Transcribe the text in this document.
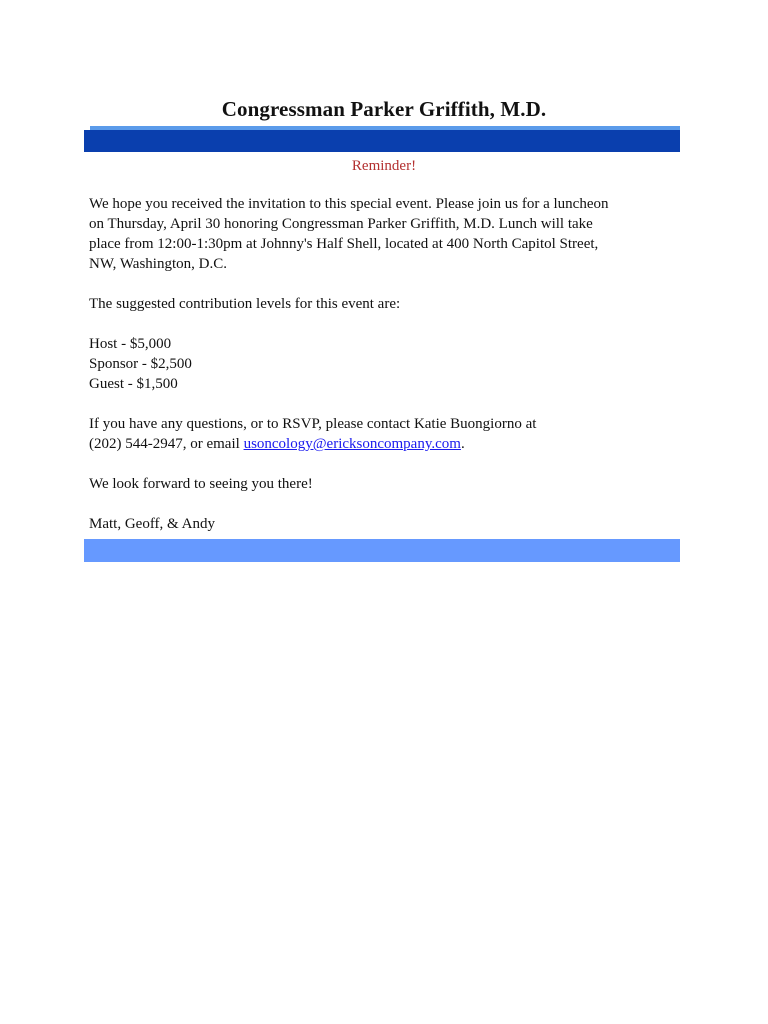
Congressman Parker Griffith, M.D.
Reminder!

We hope you received the invitation to this special event. Please join us for a luncheon
on Thursday, April 30 honoring Congressman Parker Griffith, M.D. Lunch will take
place from 12:00-1:30pm at Johnny's Half Shell, located at 400 North Capitol Street,
NW, Washington, D.C.

The suggested contribution levels for this event are:

Host - $5,000
Sponsor - $2,500
Guest - $1,500

If you have any questions, or to RSVP, please contact Katie Buongiorno at
(202) 544-2947, or email usoncology@ericksoncompany.com.

We look forward to seeing you there!

Matt, Geoff, & Andy
